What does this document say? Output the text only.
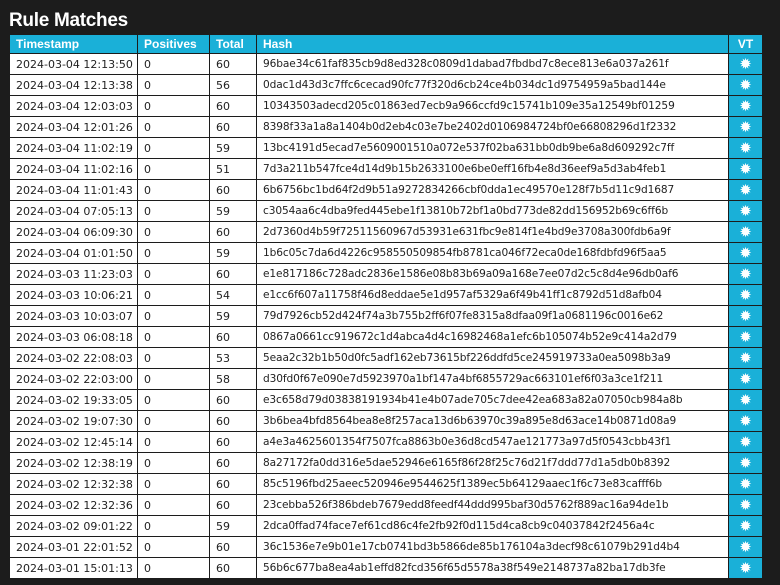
Rule Matches
Timestamp	Positives	Total	Hash	VT
2024-03-04 12:13:50	0	60	96bae34c61faf835cb9d8ed328c0809d1dabad7fbdbd7c8ece813e6a037a261f	✹
2024-03-04 12:13:38	0	56	0dac1d43d3c7ffc6cecad90fc77f320d6cb24ce4b034dc1d9754959a5bad144e	✹
2024-03-04 12:03:03	0	60	10343503adecd205c01863ed7ecb9a966ccfd9c15741b109e35a12549bf01259	✹
2024-03-04 12:01:26	0	60	8398f33a1a8a1404b0d2eb4c03e7be2402d0106984724bf0e66808296d1f2332	✹
2024-03-04 11:02:19	0	59	13bc4191d5ecad7e5609001510a072e537f02ba631bb0db9be6a8d609292c7ff	✹
2024-03-04 11:02:16	0	51	7d3a211b547fce4d14d9b15b2633100e6be0eff16fb4e8d36eef9a5d3ab4feb1	✹
2024-03-04 11:01:43	0	60	6b6756bc1bd64f2d9b51a9272834266cbf0dda1ec49570e128f7b5d11c9d1687	✹
2024-03-04 07:05:13	0	59	c3054aa6c4dba9fed445ebe1f13810b72bf1a0bd773de82dd156952b69c6ff6b	✹
2024-03-04 06:09:30	0	60	2d7360d4b59f72511560967d53931e631fbc9e814f1e4bd9e3708a300fdb6a9f	✹
2024-03-04 01:01:50	0	59	1b6c05c7da6d4226c958550509854fb8781ca046f72eca0de168fdbfd96f5aa5	✹
2024-03-03 11:23:03	0	60	e1e817186c728adc2836e1586e08b83b69a09a168e7ee07d2c5c8d4e96db0af6	✹
2024-03-03 10:06:21	0	54	e1cc6f607a11758f46d8eddae5e1d957af5329a6f49b41ff1c8792d51d8afb04	✹
2024-03-03 10:03:07	0	59	79d7926cb52d424f74a3b755b2ff6f07fe8315a8dfaa09f1a0681196c0016e62	✹
2024-03-03 06:08:18	0	60	0867a0661cc919672c1d4abca4d4c16982468a1efc6b105074b52e9c414a2d79	✹
2024-03-02 22:08:03	0	53	5eaa2c32b1b50d0fc5adf162eb73615bf226ddfd5ce245919733a0ea5098b3a9	✹
2024-03-02 22:03:00	0	58	d30fd0f67e090e7d5923970a1bf147a4bf6855729ac663101ef6f03a3ce1f211	✹
2024-03-02 19:33:05	0	60	e3c658d79d03838191934b41e4b07ade705c7dee42ea683a82a07050cb984a8b	✹
2024-03-02 19:07:30	0	60	3b6bea4bfd8564bea8e8f257aca13d6b63970c39a895e8d63ace14b0871d08a9	✹
2024-03-02 12:45:14	0	60	a4e3a4625601354f7507fca8863b0e36d8cd547ae121773a97d5f0543cbb43f1	✹
2024-03-02 12:38:19	0	60	8a27172fa0dd316e5dae52946e6165f86f28f25c76d21f7ddd77d1a5db0b8392	✹
2024-03-02 12:32:38	0	60	85c5196fbd25aeec520946e9544625f1389ec5b64129aaec1f6c73e83cafff6b	✹
2024-03-02 12:32:36	0	60	23cebba526f386bdeb7679edd8feedf44ddd995baf30d5762f889ac16a94de1b	✹
2024-03-02 09:01:22	0	59	2dca0ffad74face7ef61cd86c4fe2fb92f0d115d4ca8cb9c04037842f2456a4c	✹
2024-03-01 22:01:52	0	60	36c1536e7e9b01e17cb0741bd3b5866de85b176104a3decf98c61079b291d4b4	✹
2024-03-01 15:01:13	0	60	56b6c677ba8ea4ab1effd82fcd356f65d5578a38f549e2148737a82ba17db3fe	✹
